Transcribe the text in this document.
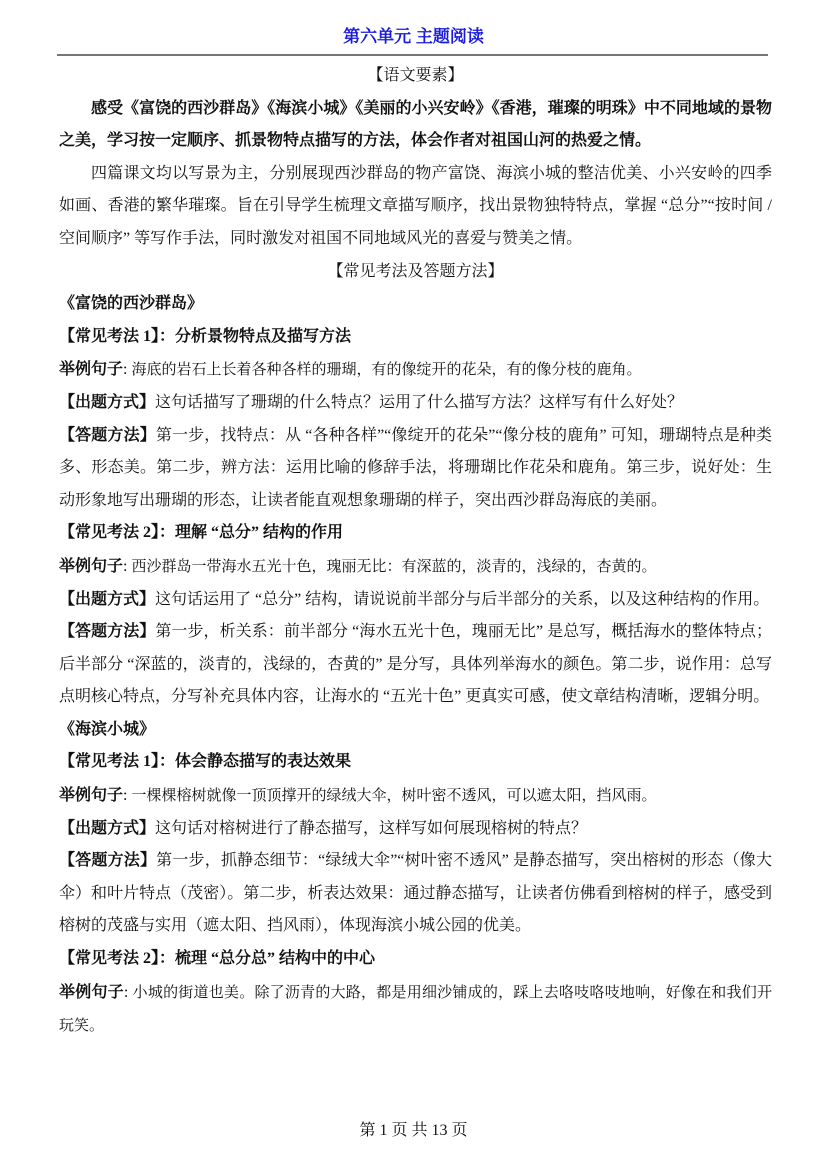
第六单元 主题阅读

【语文要素】

感受《富饶的西沙群岛》《海滨小城》《美丽的小兴安岭》《香港，璀璨的明珠》中不同地域的景物之美，学习按一定顺序、抓景物特点描写的方法，体会作者对祖国山河的热爱之情。

四篇课文均以写景为主，分别展现西沙群岛的物产富饶、海滨小城的整洁优美、小兴安岭的四季如画、香港的繁华璀璨。旨在引导学生梳理文章描写顺序，找出景物独特特点，掌握 “总分”“按时间 / 空间顺序” 等写作手法，同时激发对祖国不同地域风光的喜爱与赞美之情。

【常见考法及答题方法】

《富饶的西沙群岛》

【常见考法 1】：分析景物特点及描写方法

举例句子: 海底的岩石上长着各种各样的珊瑚，有的像绽开的花朵，有的像分枝的鹿角。

【出题方式】这句话描写了珊瑚的什么特点？运用了什么描写方法？这样写有什么好处？

【答题方法】第一步，找特点：从 “各种各样”“像绽开的花朵”“像分枝的鹿角” 可知，珊瑚特点是种类多、形态美。第二步，辨方法：运用比喻的修辞手法，将珊瑚比作花朵和鹿角。第三步，说好处：生动形象地写出珊瑚的形态，让读者能直观想象珊瑚的样子，突出西沙群岛海底的美丽。

【常见考法 2】：理解 “总分” 结构的作用

举例句子: 西沙群岛一带海水五光十色，瑰丽无比：有深蓝的，淡青的，浅绿的，杏黄的。

【出题方式】这句话运用了 “总分” 结构，请说说前半部分与后半部分的关系，以及这种结构的作用。

【答题方法】第一步，析关系：前半部分 “海水五光十色，瑰丽无比” 是总写，概括海水的整体特点；后半部分 “深蓝的，淡青的，浅绿的，杏黄的” 是分写，具体列举海水的颜色。第二步，说作用：总写点明核心特点，分写补充具体内容，让海水的 “五光十色” 更真实可感，使文章结构清晰，逻辑分明。

《海滨小城》

【常见考法 1】：体会静态描写的表达效果

举例句子: 一棵棵榕树就像一顶顶撑开的绿绒大伞，树叶密不透风，可以遮太阳，挡风雨。

【出题方式】这句话对榕树进行了静态描写，这样写如何展现榕树的特点？

【答题方法】第一步，抓静态细节：“绿绒大伞”“树叶密不透风” 是静态描写，突出榕树的形态（像大伞）和叶片特点（茂密）。第二步，析表达效果：通过静态描写，让读者仿佛看到榕树的样子，感受到榕树的茂盛与实用（遮太阳、挡风雨），体现海滨小城公园的优美。

【常见考法 2】：梳理 “总分总” 结构中的中心

举例句子: 小城的街道也美。除了沥青的大路，都是用细沙铺成的，踩上去咯吱咯吱地响，好像在和我们开玩笑。

第 1 页 共 13 页
